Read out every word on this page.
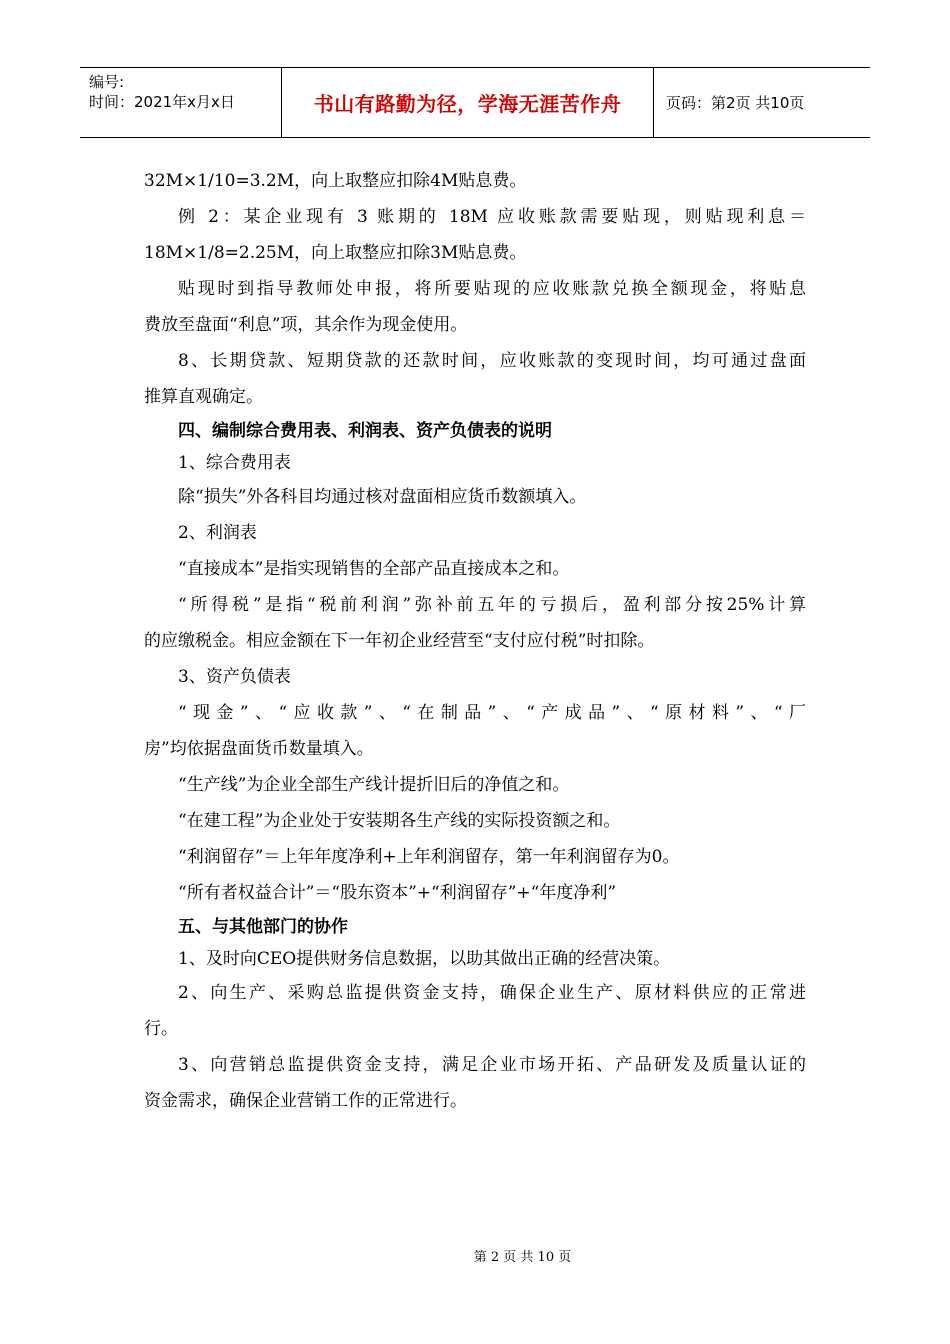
编号:
时间：2021年x月x日	书山有路勤为径，学海无涯苦作舟	页码：第2页 共10页
32M×1/10=3.2M，向上取整应扣除4M贴息费。
例 2：某企业现有 3 账期的 18M 应收账款需要贴现，则贴现利息＝
18M×1/8=2.25M，向上取整应扣除3M贴息费。
贴现时到指导教师处申报，将所要贴现的应收账款兑换全额现金，将贴息
费放至盘面“利息”项，其余作为现金使用。
8、长期贷款、短期贷款的还款时间，应收账款的变现时间，均可通过盘面
推算直观确定。
四、编制综合费用表、利润表、资产负债表的说明
1、综合费用表
除“损失”外各科目均通过核对盘面相应货币数额填入。
2、利润表
“直接成本”是指实现销售的全部产品直接成本之和。
“所得税”是指“税前利润”弥补前五年的亏损后，盈利部分按25%计算
的应缴税金。相应金额在下一年初企业经营至“支付应付税”时扣除。
3、资产负债表
“现金”、“应收款”、“在制品”、“产成品”、“原材料”、“厂
房”均依据盘面货币数量填入。
“生产线”为企业全部生产线计提折旧后的净值之和。
“在建工程”为企业处于安装期各生产线的实际投资额之和。
“利润留存”＝上年年度净利+上年利润留存，第一年利润留存为0。
“所有者权益合计”＝“股东资本”+“利润留存”+“年度净利”
五、与其他部门的协作
1、及时向CEO提供财务信息数据，以助其做出正确的经营决策。
2、向生产、采购总监提供资金支持，确保企业生产、原材料供应的正常进
行。
3、向营销总监提供资金支持，满足企业市场开拓、产品研发及质量认证的
资金需求，确保企业营销工作的正常进行。
第 2 页 共 10 页
